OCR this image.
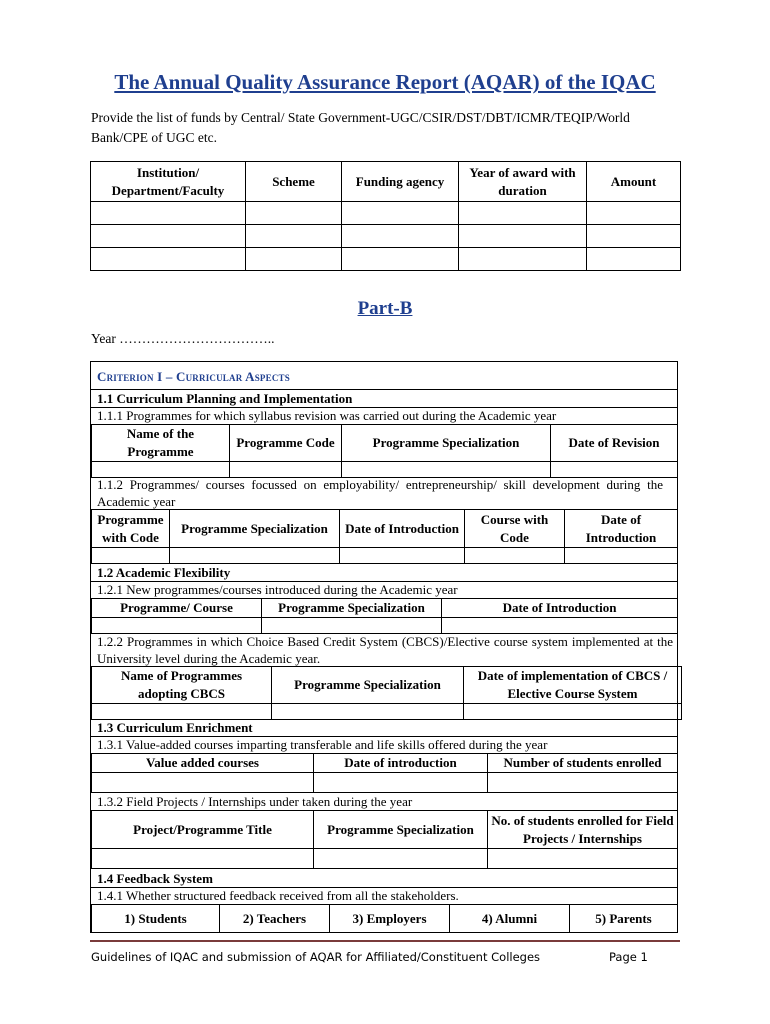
The Annual Quality Assurance Report (AQAR) of the IQAC
Provide the list of funds by Central/ State Government-UGC/CSIR/DST/DBT/ICMR/TEQIP/World Bank/CPE of UGC etc.
Institution/ Department/Faculty	Scheme	Funding agency	Year of award with duration	Amount

Part-B
Year ……………………………..
Criterion I – Curricular Aspects
1.1 Curriculum Planning and Implementation
1.1.1 Programmes for which syllabus revision was carried out during the Academic year
Name of the Programme	Programme Code	Programme Specialization	Date of Revision

1.1.2 Programmes/ courses focussed on employability/ entrepreneurship/ skill development during the Academic year
Programme with Code	Programme Specialization	Date of Introduction	Course with Code	Date of Introduction

1.2 Academic Flexibility
1.2.1 New programmes/courses introduced during the Academic year
Programme/ Course	Programme Specialization	Date of Introduction

1.2.2 Programmes in which Choice Based Credit System (CBCS)/Elective course system implemented at the University level during the Academic year.
Name of Programmes adopting CBCS	Programme Specialization	Date of implementation of CBCS / Elective Course System

1.3 Curriculum Enrichment
1.3.1 Value-added courses imparting transferable and life skills offered during the year
Value added courses	Date of introduction	Number of students enrolled

1.3.2 Field Projects / Internships under taken during the year
Project/Programme Title	Programme Specialization	No. of students enrolled for Field Projects / Internships

1.4 Feedback System
1.4.1 Whether structured feedback received from all the stakeholders.
1) Students	2) Teachers	3) Employers	4) Alumni	5) Parents
Guidelines of IQAC and submission of AQAR for Affiliated/Constituent Colleges	Page 1
